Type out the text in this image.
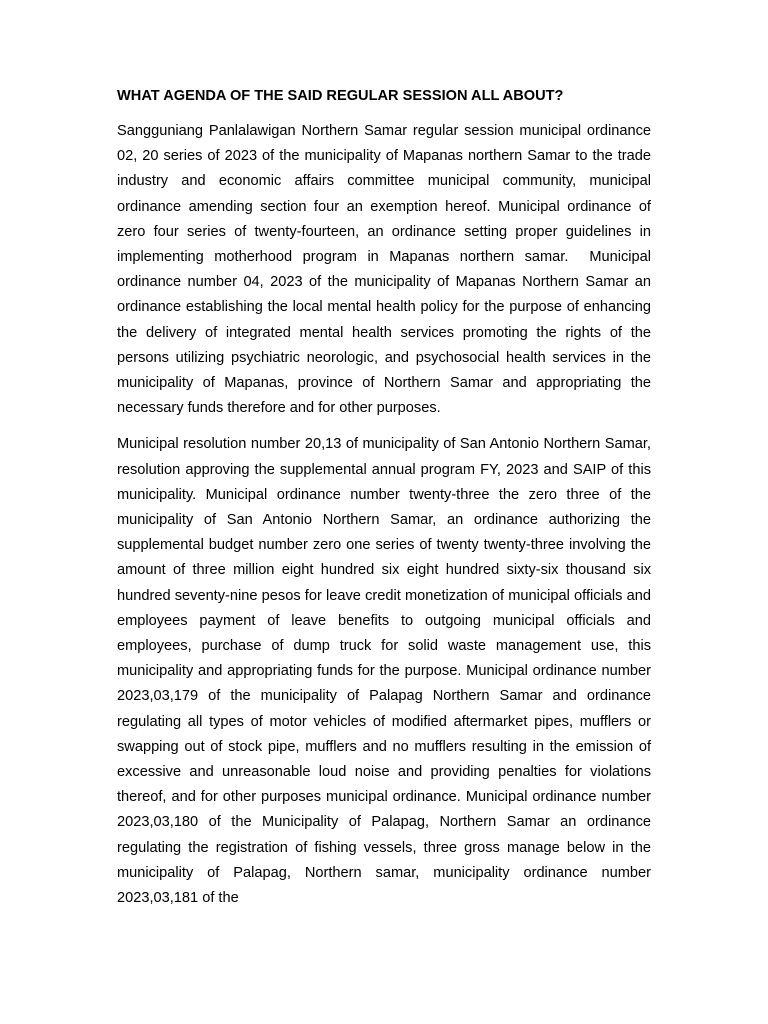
WHAT AGENDA OF THE SAID REGULAR SESSION ALL ABOUT?

Sangguniang Panlalawigan Northern Samar regular session municipal ordinance 02, 20 series of 2023 of the municipality of Mapanas northern Samar to the trade industry and economic affairs committee municipal community, municipal ordinance amending section four an exemption hereof. Municipal ordinance of zero four series of twenty-fourteen, an ordinance setting proper guidelines in implementing motherhood program in Mapanas northern samar.  Municipal ordinance number 04, 2023 of the municipality of Mapanas Northern Samar an ordinance establishing the local mental health policy for the purpose of enhancing the delivery of integrated mental health services promoting the rights of the persons utilizing psychiatric neorologic, and psychosocial health services in the municipality of Mapanas, province of Northern Samar and appropriating the necessary funds therefore and for other purposes.

Municipal resolution number 20,13 of municipality of San Antonio Northern Samar, resolution approving the supplemental annual program FY, 2023 and SAIP of this municipality. Municipal ordinance number twenty-three the zero three of the municipality of San Antonio Northern Samar, an ordinance authorizing the supplemental budget number zero one series of twenty twenty-three involving the amount of three million eight hundred six eight hundred sixty-six thousand six hundred seventy-nine pesos for leave credit monetization of municipal officials and employees payment of leave benefits to outgoing municipal officials and employees, purchase of dump truck for solid waste management use, this municipality and appropriating funds for the purpose. Municipal ordinance number 2023,03,179 of the municipality of Palapag Northern Samar and ordinance regulating all types of motor vehicles of modified aftermarket pipes, mufflers or swapping out of stock pipe, mufflers and no mufflers resulting in the emission of excessive and unreasonable loud noise and providing penalties for violations thereof, and for other purposes municipal ordinance. Municipal ordinance number 2023,03,180 of the Municipality of Palapag, Northern Samar an ordinance regulating the registration of fishing vessels, three gross manage below in the municipality of Palapag, Northern samar, municipality ordinance number 2023,03,181 of the
